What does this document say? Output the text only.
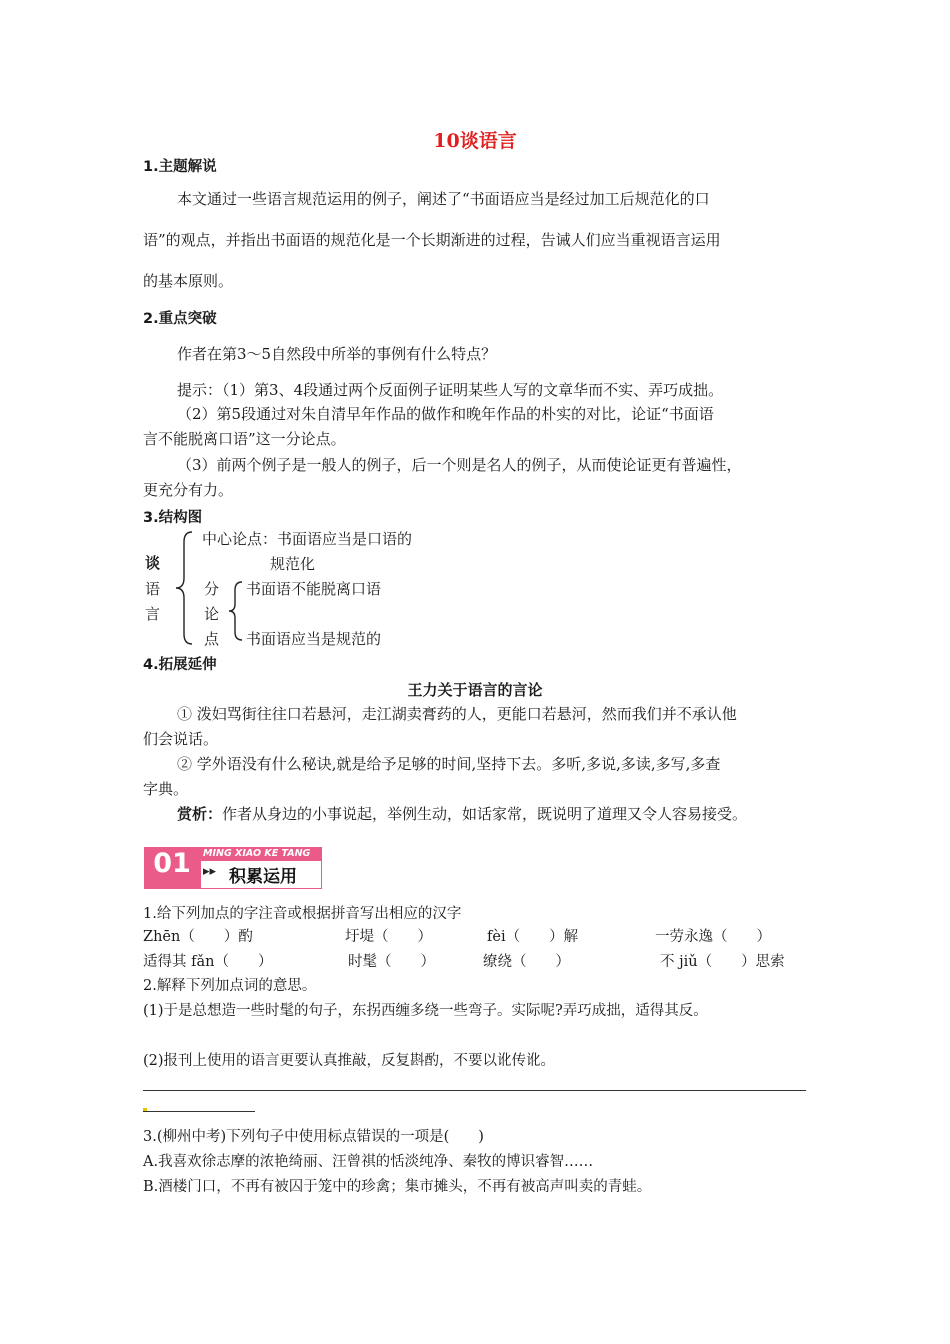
10谈语言
1.主题解说
本文通过一些语言规范运用的例子，阐述了“书面语应当是经过加工后规范化的口
语”的观点，并指出书面语的规范化是一个长期渐进的过程，告诫人们应当重视语言运用
的基本原则。
2.重点突破
作者在第3～5自然段中所举的事例有什么特点？
提示：（1）第3、4段通过两个反面例子证明某些人写的文章华而不实、弄巧成拙。
（2）第5段通过对朱自清早年作品的做作和晚年作品的朴实的对比，论证“书面语
言不能脱离口语”这一分论点。
（3）前两个例子是一般人的例子，后一个则是名人的例子，从而使论证更有普遍性，
更充分有力。
3.结构图
谈
语
言
中心论点：书面语应当是口语的
规范化
分
论
点
书面语不能脱离口语
书面语应当是规范的
4.拓展延伸
王力关于语言的言论
① 泼妇骂街往往口若悬河，走江湖卖膏药的人，更能口若悬河，然而我们并不承认他
们会说话。
② 学外语没有什么秘诀,就是给予足够的时间,坚持下去。多听,多说,多读,多写,多查
字典。
赏析：作者从身边的小事说起，举例生动，如话家常，既说明了道理又令人容易接受。
01	MING XIAO KE TANG
▸▸ 积累运用
1.给下列加点的字注音或根据拼音写出相应的汉字
Zhēn（　　）酌	圩堤（　　）	fèi（　　）解	一劳永逸（　　）
适得其 fǎn（　　）	时髦（　　）	缭绕（　　）	不 jiǔ（　　）思索
2.解释下列加点词的意思。
(1)于是总想造一些时髦的句子，东拐西缠多绕一些弯子。实际呢?弄巧成拙，适得其反。
(2)报刊上使用的语言更要认真推敲，反复斟酌，不要以讹传讹。
3.(柳州中考)下列句子中使用标点错误的一项是(　　)
A.我喜欢徐志摩的浓艳绮丽、汪曾祺的恬淡纯净、秦牧的博识睿智……
B.酒楼门口，不再有被囚于笼中的珍禽；集市摊头，不再有被高声叫卖的青蛙。
